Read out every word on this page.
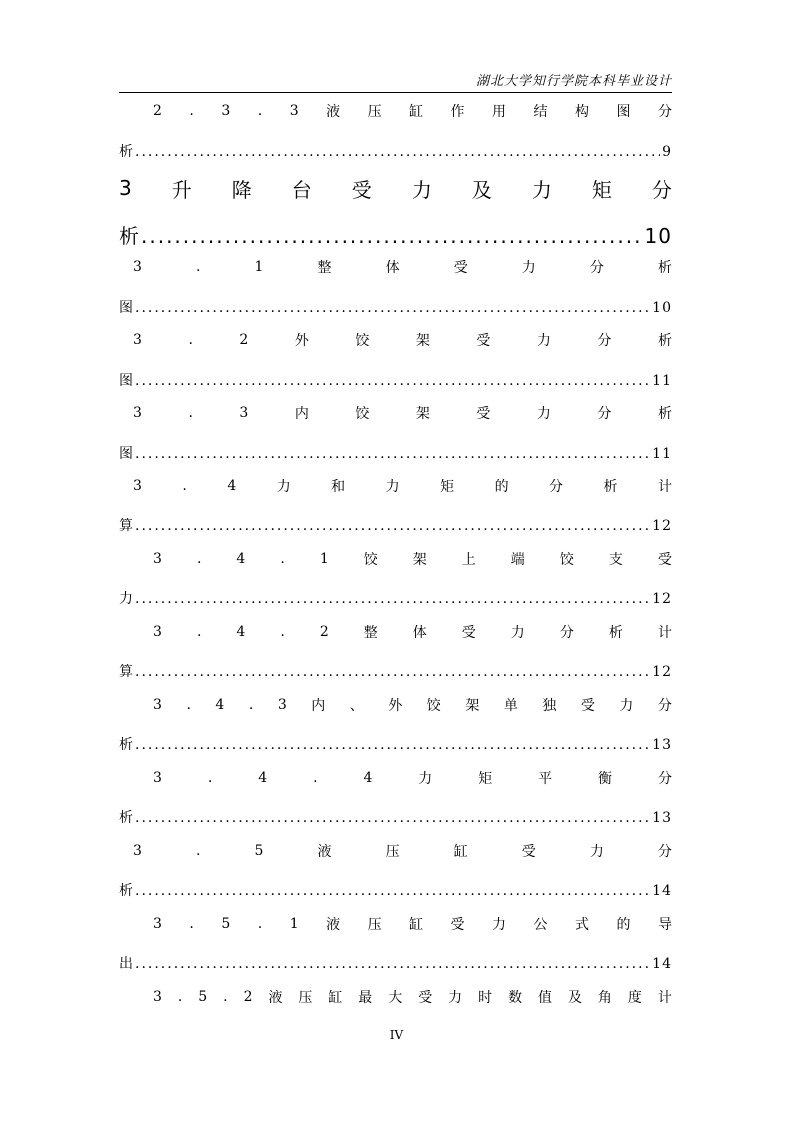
湖北大学知行学院本科毕业设计
2 . 3 . 3 液 压 缸 作 用 结 构 图 分
析 .....	9
3 升 降 台 受 力 及 力 矩 分
析 .....	10
3	.	1	整	体	受	力	分	析
图 .....	10
3	.	2	外	饺	架	受	力	分	析
图 .....	11
3	.	3	内	饺	架	受	力	分	析
图 .....	11
3	.	4	力	和	力	矩	的	分	析	计
算 .....	12
3	.	4	.	1	饺	架	上	端	饺	支	受
力 .....	12
3	.	4	.	2	整	体	受	力	分	析	计
算 .....	12
3 . 4 . 3 内 、 外 饺 架 单 独 受 力 分
析 .....	13
3	.	4	.	4	力	矩	平	衡	分
析 .....	13
3	.	5	液	压	缸	受	力	分
析 .....	14
3 . 5 . 1 液 压 缸 受 力 公 式 的 导
出 .....	14
3 . 5 . 2 液 压 缸 最 大 受 力 时 数 值 及 角 度 计
IV
